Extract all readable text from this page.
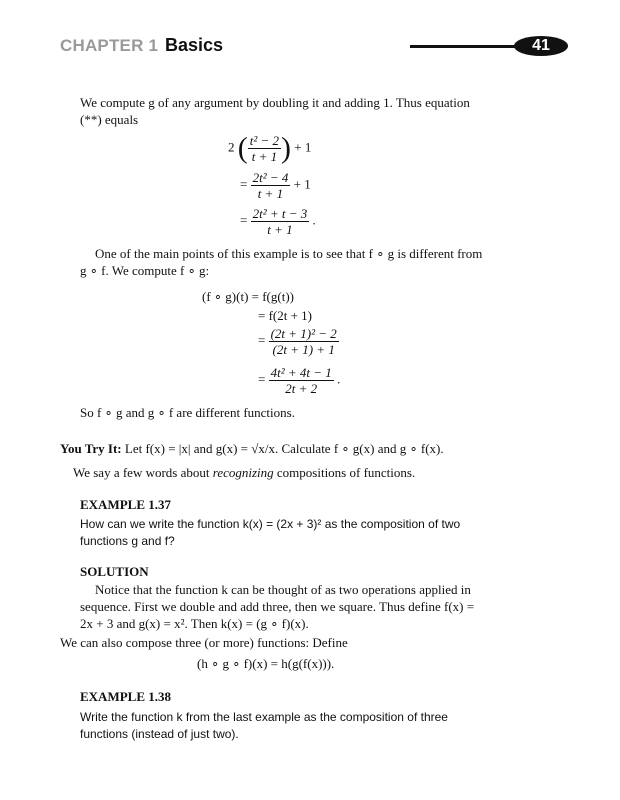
CHAPTER 1 Basics	41
We compute g of any argument by doubling it and adding 1. Thus equation
(**) equals
2 ( $\frac{\text{t² − 2}}{t + 1}$ ) + 1
= $\frac{\text{2t² − 4}}{t + 1} + 1$
= $\frac{\text{2t² + t − 3}}{t + 1}$ .
One of the main points of this example is to see that f ∘ g is different from
g ∘ f. We compute f ∘ g:
(f ∘ g)(t) = f(g(t))
= f(2t + 1)
= $\frac{\text{(2t + 1)² − 2}}{(2t + 1) + 1}$
= $\frac{\text{4t² + 4t − 1}}{2t + 2}$ .
So f ∘ g and g ∘ f are different functions.
You Try It: Let f(x) = |x| and g(x) = √x/x. Calculate f ∘ g(x) and g ∘ f(x).
We say a few words about recognizing compositions of functions.
EXAMPLE 1.37
How can we write the function k(x) = (2x + 3)² as the composition of two
functions g and f?
SOLUTION
Notice that the function k can be thought of as two operations applied in
sequence. First we double and add three, then we square. Thus define f(x) =
2x + 3 and g(x) = x². Then k(x) = (g ∘ f)(x).
We can also compose three (or more) functions: Define
(h ∘ g ∘ f)(x) = h(g(f(x))).
EXAMPLE 1.38
Write the function k from the last example as the composition of three
functions (instead of just two).
